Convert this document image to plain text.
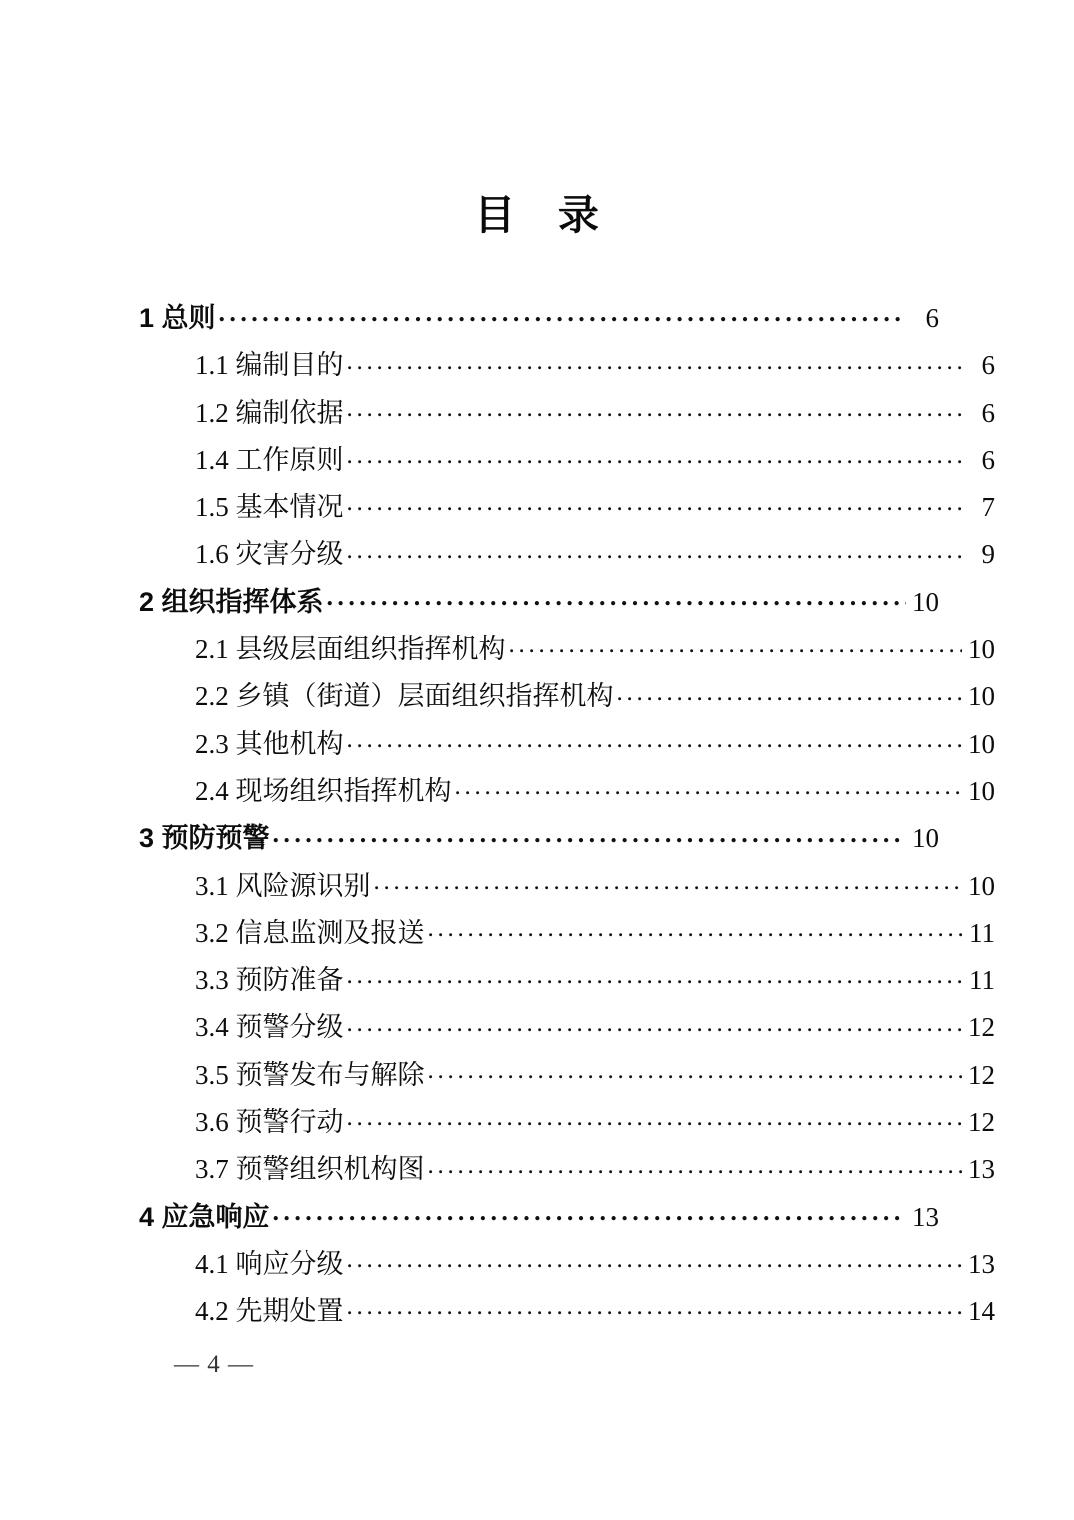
目　录
1 总则 . . .	6
1.1 编制目的 . . .	6
1.2 编制依据 . . .	6
1.4 工作原则 . . .	6
1.5 基本情况 . . .	7
1.6 灾害分级 . . .	9
2 组织指挥体系 . . .	10
2.1 县级层面组织指挥机构 . . .	10
2.2 乡镇（街道）层面组织指挥机构 . . .	10
2.3 其他机构 . . .	10
2.4 现场组织指挥机构 . . .	10
3 预防预警 . . .	10
3.1 风险源识别 . . .	10
3.2 信息监测及报送 . . .	11
3.3 预防准备 . . .	11
3.4 预警分级 . . .	12
3.5 预警发布与解除 . . .	12
3.6 预警行动 . . .	12
3.7 预警组织机构图 . . .	13
4 应急响应 . . .	13
4.1 响应分级 . . .	13
4.2 先期处置 . . .	14
— 4 —
